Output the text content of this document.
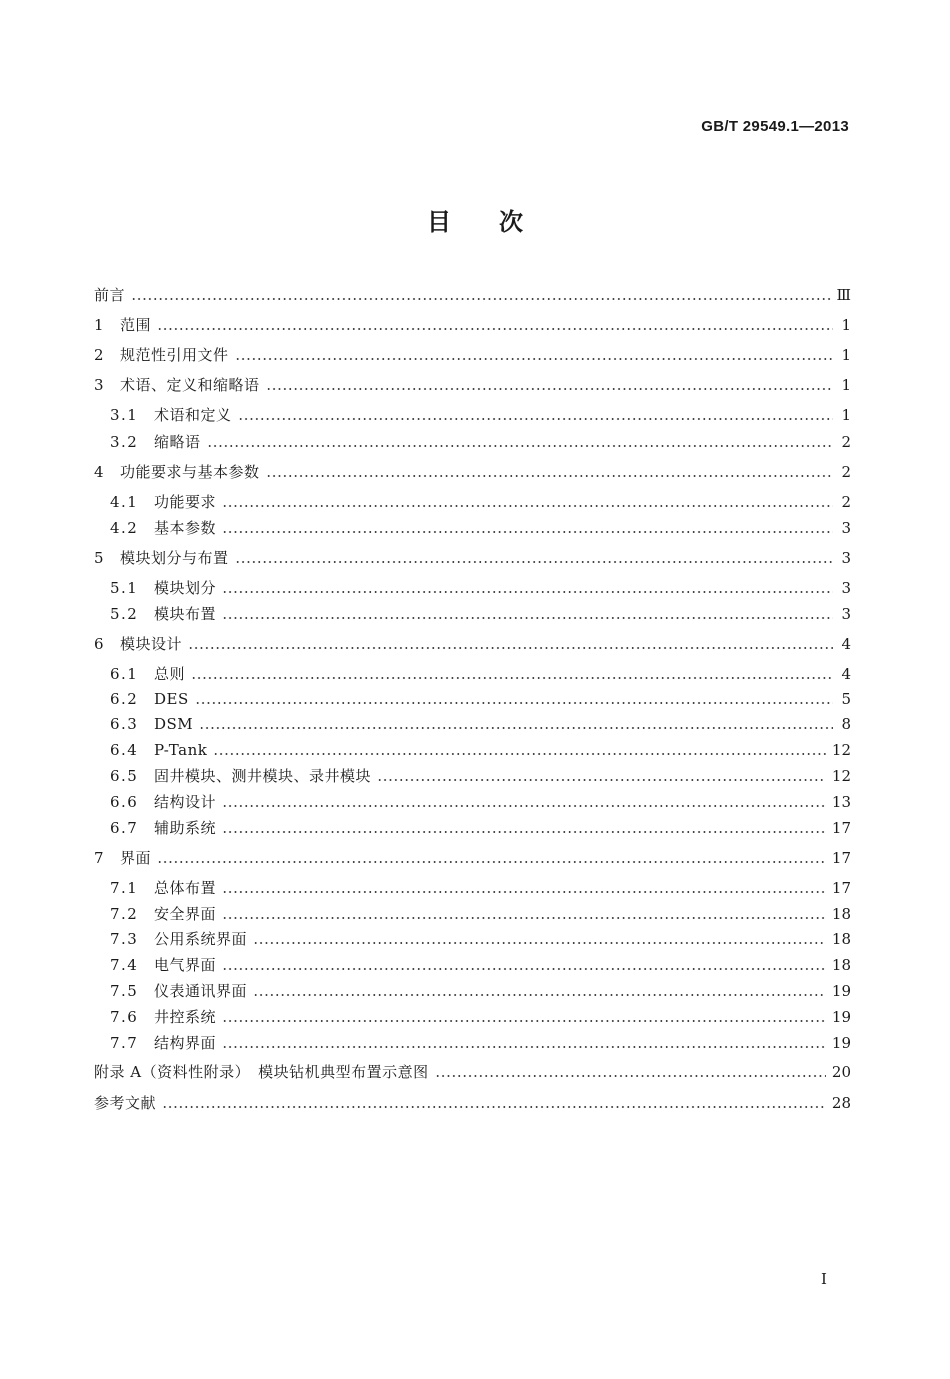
GB/T 29549.1—2013
目 次
前言	Ⅲ
1	范围	1
2	规范性引用文件	1
3	术语、定义和缩略语	1
3.1	术语和定义	1
3.2	缩略语	2
4	功能要求与基本参数	2
4.1	功能要求	2
4.2	基本参数	3
5	模块划分与布置	3
5.1	模块划分	3
5.2	模块布置	3
6	模块设计	4
6.1	总则	4
6.2	DES	5
6.3	DSM	8
6.4	P-Tank	12
6.5	固井模块、测井模块、录井模块	12
6.6	结构设计	13
6.7	辅助系统	17
7	界面	17
7.1	总体布置	17
7.2	安全界面	18
7.3	公用系统界面	18
7.4	电气界面	18
7.5	仪表通讯界面	19
7.6	井控系统	19
7.7	结构界面	19
附录 A（资料性附录）　模块钻机典型布置示意图	20
参考文献	28
I
